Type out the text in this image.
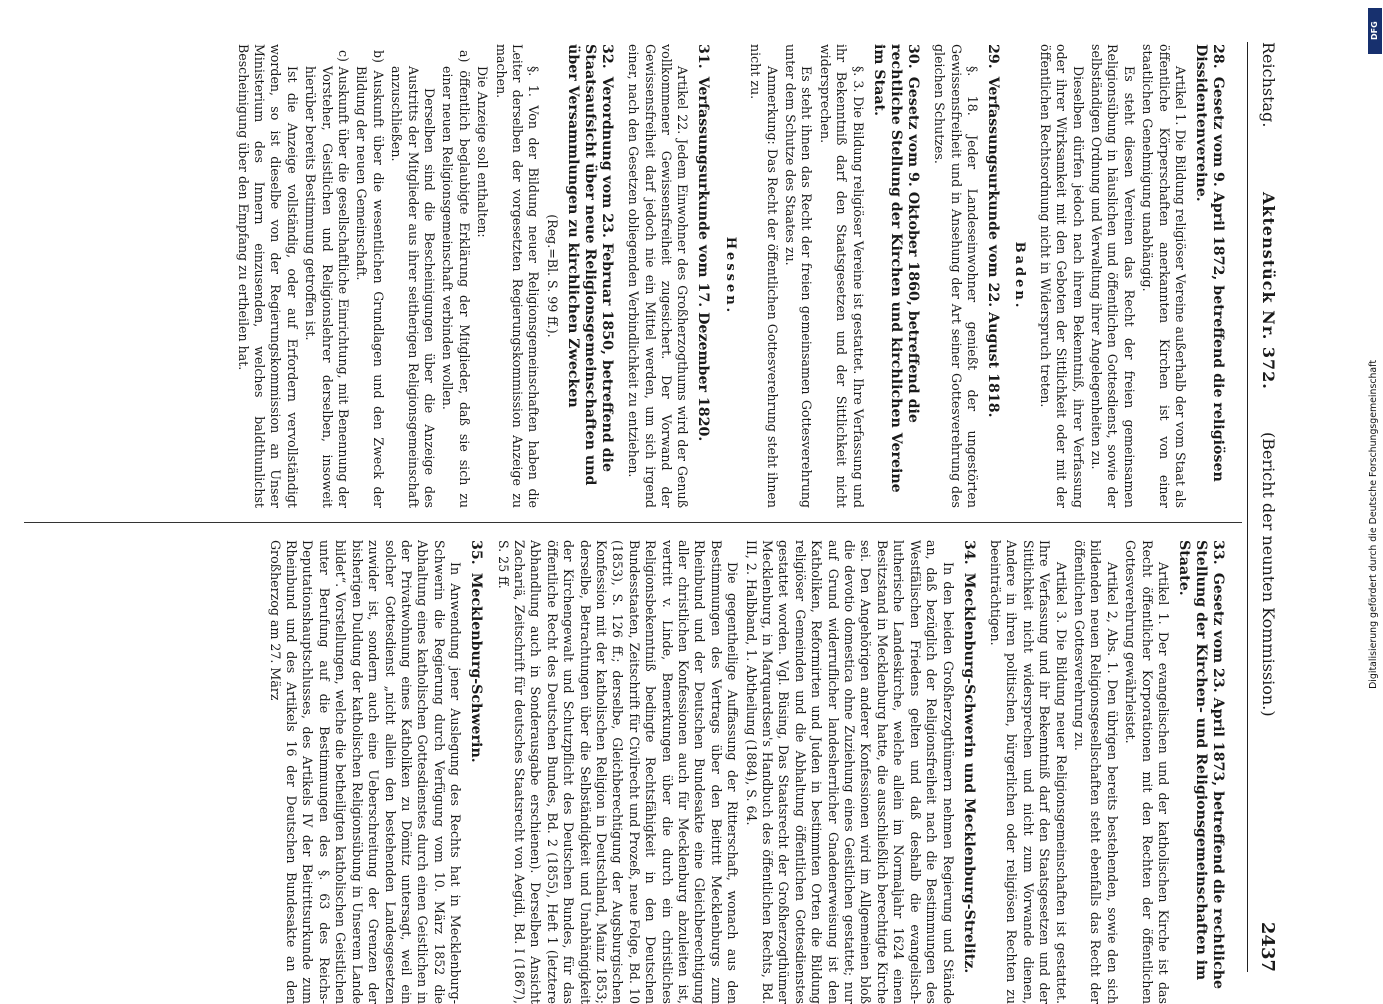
Reichstag.
Aktenstück Nr. 372.
(Bericht der neunten Kommission.)
2437
28.Gesetz vom 9. April 1872, betreffend die religiösen Dissidentenvereine.

Artikel 1. Die Bildung religiöser Vereine außerhalb der vom Staat als öffentliche Körperschaften anerkannten Kirchen ist von einer staatlichen Genehmigung unabhängig.

Es steht diesen Vereinen das Recht der freien gemeinsamen Religionsübung in häuslichen und öffentlichen Gottesdienst, sowie der selbständigen Ordnung und Verwaltung ihrer Angelegenheiten zu.

Dieselben dürfen jedoch nach ihrem Bekenntniß, ihrer Verfassung oder ihrer Wirksamkeit mit den Geboten der Sittlichkeit oder mit der öffentlichen Rechtsordnung nicht in Widerspruch treten.

Baden.
29.Verfassungsurkunde vom 22. August 1818.

§. 18. Jeder Landeseinwohner genießt der ungestörten Gewissensfreiheit und in Ansehung der Art seiner Gottesverehrung des gleichen Schutzes.

30.Gesetz vom 9. Oktober 1860, betreffend die rechtliche Stellung der Kirchen und kirchlichen Vereine im Staat.

§. 3. Die Bildung religiöser Vereine ist gestattet. Ihre Verfassung und ihr Bekenntniß darf den Staatsgesetzen und der Sittlichkeit nicht widersprechen.

Es steht ihnen das Recht der freien gemeinsamen Gottesverehrung unter dem Schutze des Staates zu.

Anmerkung: Das Recht der öffentlichen Gottesverehrung steht ihnen nicht zu.

Hessen.
31.Verfassungsurkunde vom 17. Dezember 1820.

Artikel 22. Jedem Einwohner des Großherzogthums wird der Genuß vollkommener Gewissensfreiheit zugesichert. Der Vorwand der Gewissensfreiheit darf jedoch nie ein Mittel werden, um sich irgend einer, nach den Gesetzen obliegenden Verbindlichkeit zu entziehen.

32.Verordnung vom 23. Februar 1850, betreffend die Staatsaufsicht über neue Religionsgemeinschaften und über Versammlungen zu kirchlichen Zwecken

(Reg.=Bl. S. 99 ff.).

§. 1. Von der Bildung neuer Religionsgemeinschaften haben die Leiter derselben der vorgesetzten Regierungskommission Anzeige zu machen.

Die Anzeige soll enthalten:

a) öffentlich beglaubigte Erklärung der Mitglieder, daß sie sich zu einer neuen Religionsgemeinschaft verbinden wollen.

Derselben sind die Bescheinigungen über die Anzeige des Austritts der Mitglieder aus ihrer seitherigen Religionsgemeinschaft anzuschließen.

b) Auskunft über die wesentlichen Grundlagen und den Zweck der Bildung der neuen Gemeinschaft.

c) Auskunft über die gesellschaftliche Einrichtung, mit Benennung der Vorsteher, Geistlichen und Religionslehrer derselben, insoweit hierüber bereits Bestimmung getroffen ist.

Ist die Anzeige vollständig, oder auf Erfordern vervollständigt worden, so ist dieselbe von der Regierungskommission an Unser Ministerium des Innern einzusenden, welches baldthunlichst Bescheinigung über den Empfang zu ertheilen hat.

33.Gesetz vom 23. April 1873, betreffend die rechtliche Stellung der Kirchen- und Religionsgemeinschaften im Staate.

Artikel 1. Der evangelischen und der katholischen Kirche ist das Recht öffentlicher Korporationen mit den Rechten der öffentlichen Gottesverehrung gewährleistet.

Artikel 2, Abs. 1. Den übrigen bereits bestehenden, sowie den sich bildenden neuen Religionsgesellschaften steht ebenfalls das Recht der öffentlichen Gottesverehrung zu.

Artikel 3. Die Bildung neuer Religionsgemeinschaften ist gestattet. Ihre Verfassung und ihr Bekenntniß darf den Staatsgesetzen und der Sittlichkeit nicht widersprechen und nicht zum Vorwande dienen, Andere in ihren politischen, bürgerlichen oder religiösen Rechten zu beeinträchtigen.

34.Mecklenburg-Schwerin und Mecklenburg-Strelitz.

In den beiden Großherzogthümern nehmen Regierung und Stände an, daß bezüglich der Religionsfreiheit nach die Bestimmungen des Westfälischen Friedens gelten und daß deshalb die evangelisch-lutherische Landeskirche, welche allein im Normaljahr 1624 einen Besitzstand in Mecklenburg hatte, die ausschließlich berechtigte Kirche sei. Den Angehörigen anderer Konfessionen wird im Allgemeinen bloß die devotio domestica ohne Zuziehung eines Geistlichen gestattet; nur auf Grund widerruflicher landesherrlicher Gnadenerweisung ist den Katholiken, Reformirten und Juden in bestimmten Orten die Bildung religiöser Gemeinden und die Abhaltung öffentlichen Gottesdienstes gestattet worden. Vgl. Büsing, Das Staatsrecht der Großherzogthümer Mecklenburg, in Marquardsen's Handbuch des öffentlichen Rechts, Bd. III, 2. Halbband, 1. Abtheilung (1884), S. 64.

Die gegentheilige Auffassung der Ritterschaft, wonach aus den Bestimmungen des Vertrags über den Beitritt Mecklenburgs zum Rheinbund und der Deutschen Bundesakte eine Gleichberechtigung aller christlichen Konfessionen auch für Mecklenburg abzuleiten ist, vertritt v. Linde, Bemerkungen über die durch ein christliches Religionsbekenntniß bedingte Rechtsfähigkeit in den Deutschen Bundesstaaten, Zeitschrift für Civilrecht und Prozeß, neue Folge, Bd. 10 (1853), S. 126 ff.; derselbe, Gleichberechtigung der Augsburgischen Konfession mit der katholischen Religion in Deutschland, Mainz 1853; derselbe, Betrachtungen über die Selbständigkeit und Unabhängigkeit der Kirchengewalt und Schutzpflicht des Deutschen Bundes, für das öffentliche Recht des Deutschen Bundes, Bd. 2 (1855), Heft 1 (letztere Abhandlung auch in Sonderausgabe erschienen). Derselben Ansicht Zachariä, Zeitschrift für deutsches Staatsrecht von Aegidi, Bd. I (1867), S. 25 ff.

35.Mecklenburg-Schwerin.

In Anwendung jener Auslegung des Rechts hat in Mecklenburg-Schwerin die Regierung durch Verfügung vom 10. März 1852 die Abhaltung eines katholischen Gottesdienstes durch einen Geistlichen in der Privatwohnung eines Katholiken zu Dömitz untersagt, weil ein solcher Gottesdienst „nicht allein den bestehenden Landesgesetzen zuwider ist, sondern auch eine Ueberschreitung der Grenzen der bisherigen Duldung der katholischen Religionsübung in Unserem Lande bildet“. Vorstellungen, welche die betheiligten katholischen Geistlichen unter Berufung auf die Bestimmungen des §. 63 des Reichs-Deputationshauptschlusses, des Artikels IV der Beitrittsurkunde zum Rheinbund und des Artikels 16 der Deutschen Bundesakte an den Großherzog am 27. März

DFG
Digitalisierung gefördert durch die Deutsche Forschungsgemeinschaft
